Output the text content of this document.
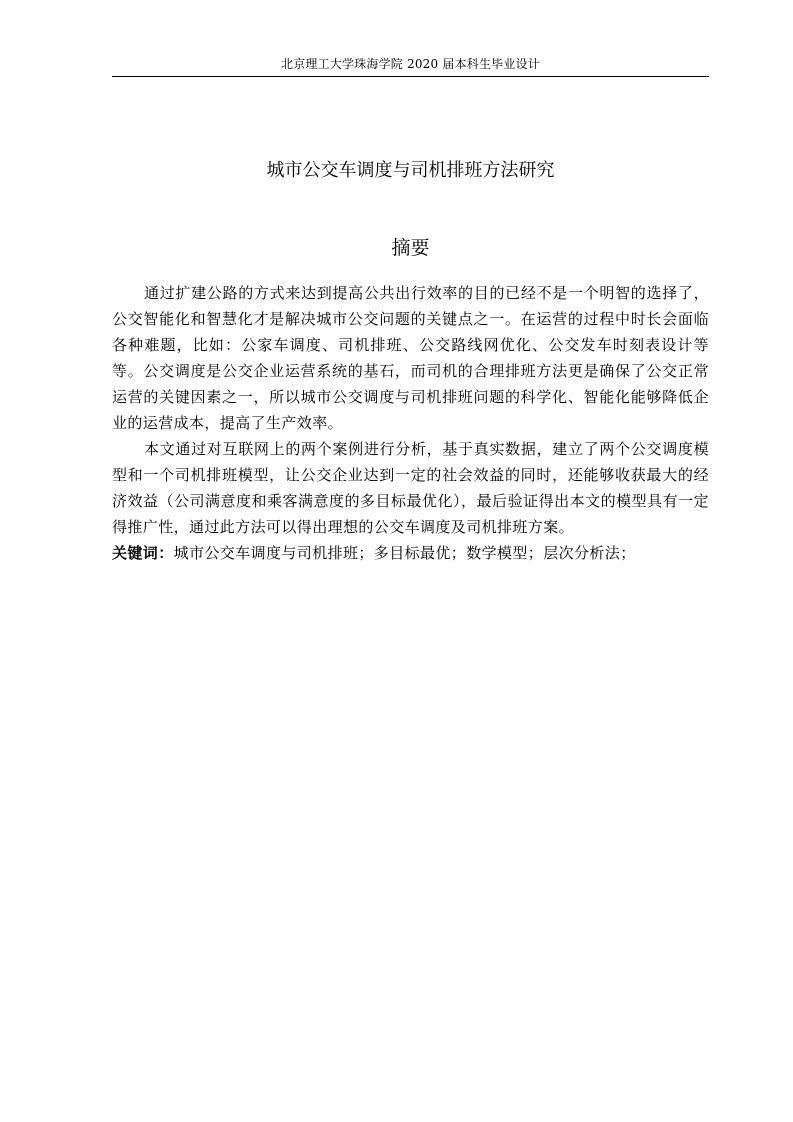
北京理工大学珠海学院 2020 届本科生毕业设计
城市公交车调度与司机排班方法研究
摘要

通过扩建公路的方式来达到提高公共出行效率的目的已经不是一个明智的选择了，公交智能化和智慧化才是解决城市公交问题的关键点之一。在运营的过程中时长会面临各种难题，比如：公家车调度、司机排班、公交路线网优化、公交发车时刻表设计等等。公交调度是公交企业运营系统的基石，而司机的合理排班方法更是确保了公交正常运营的关键因素之一，所以城市公交调度与司机排班问题的科学化、智能化能够降低企业的运营成本，提高了生产效率。

本文通过对互联网上的两个案例进行分析，基于真实数据，建立了两个公交调度模型和一个司机排班模型，让公交企业达到一定的社会效益的同时，还能够收获最大的经济效益（公司满意度和乘客满意度的多目标最优化），最后验证得出本文的模型具有一定得推广性，通过此方法可以得出理想的公交车调度及司机排班方案。

关键词：城市公交车调度与司机排班；多目标最优；数学模型；层次分析法；
